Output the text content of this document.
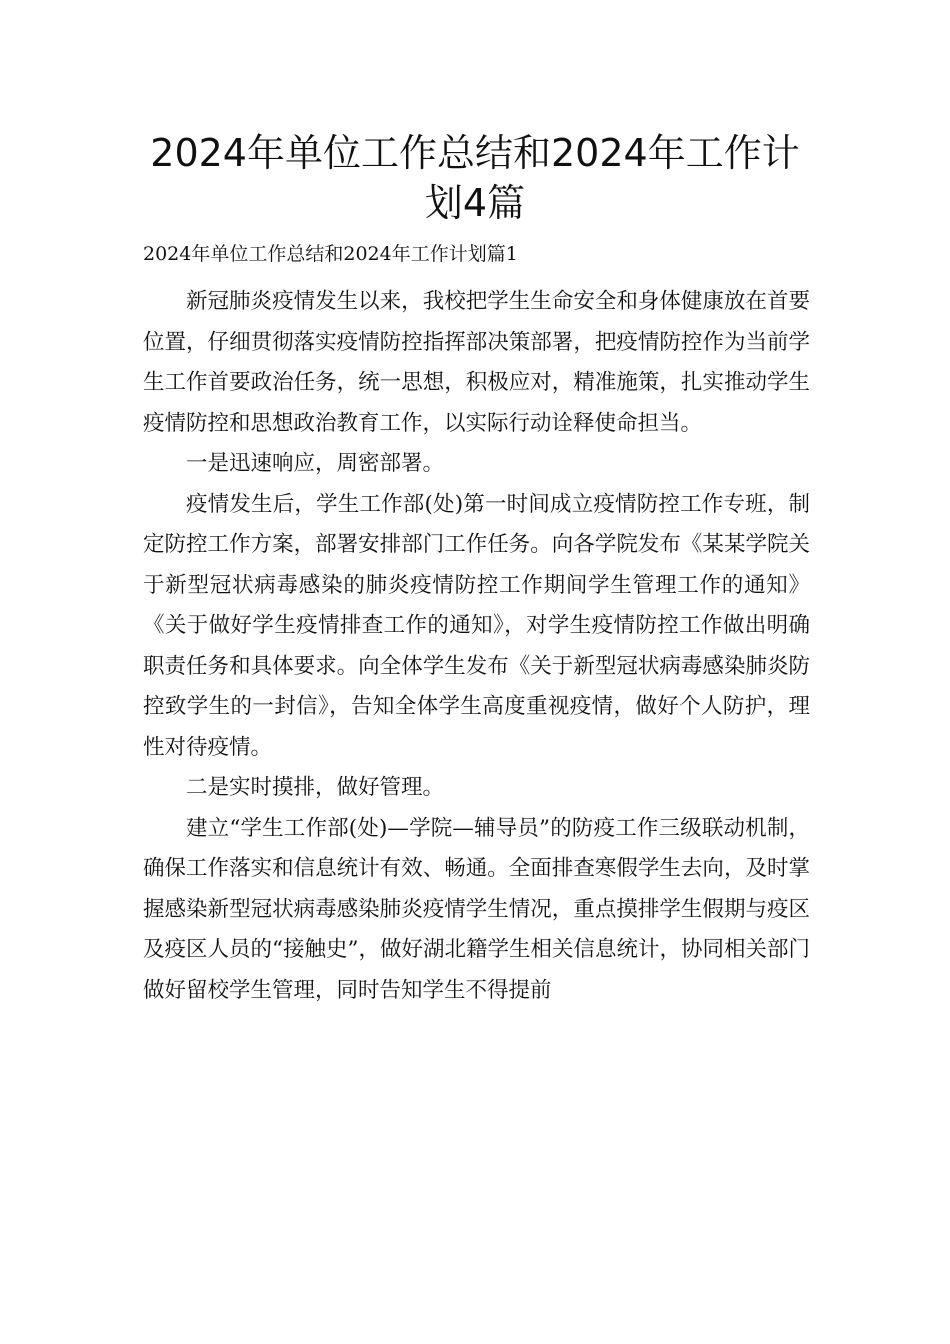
2024年单位工作总结和2024年工作计
划4篇

2024年单位工作总结和2024年工作计划篇1

新冠肺炎疫情发生以来，我校把学生生命安全和身体健康放在首要位置，仔细贯彻落实疫情防控指挥部决策部署，把疫情防控作为当前学生工作首要政治任务，统一思想，积极应对，精准施策，扎实推动学生疫情防控和思想政治教育工作，以实际行动诠释使命担当。

一是迅速响应，周密部署。

疫情发生后，学生工作部(处)第一时间成立疫情防控工作专班，制定防控工作方案，部署安排部门工作任务。向各学院发布《某某学院关于新型冠状病毒感染的肺炎疫情防控工作期间学生管理工作的通知》《关于做好学生疫情排查工作的通知》，对学生疫情防控工作做出明确职责任务和具体要求。向全体学生发布《关于新型冠状病毒感染肺炎防控致学生的一封信》，告知全体学生高度重视疫情，做好个人防护，理性对待疫情。

二是实时摸排，做好管理。

建立“学生工作部(处)—学院—辅导员”的防疫工作三级联动机制，确保工作落实和信息统计有效、畅通。全面排查寒假学生去向，及时掌握感染新型冠状病毒感染肺炎疫情学生情况，重点摸排学生假期与疫区及疫区人员的“接触史”，做好湖北籍学生相关信息统计，协同相关部门做好留校学生管理，同时告知学生不得提前
